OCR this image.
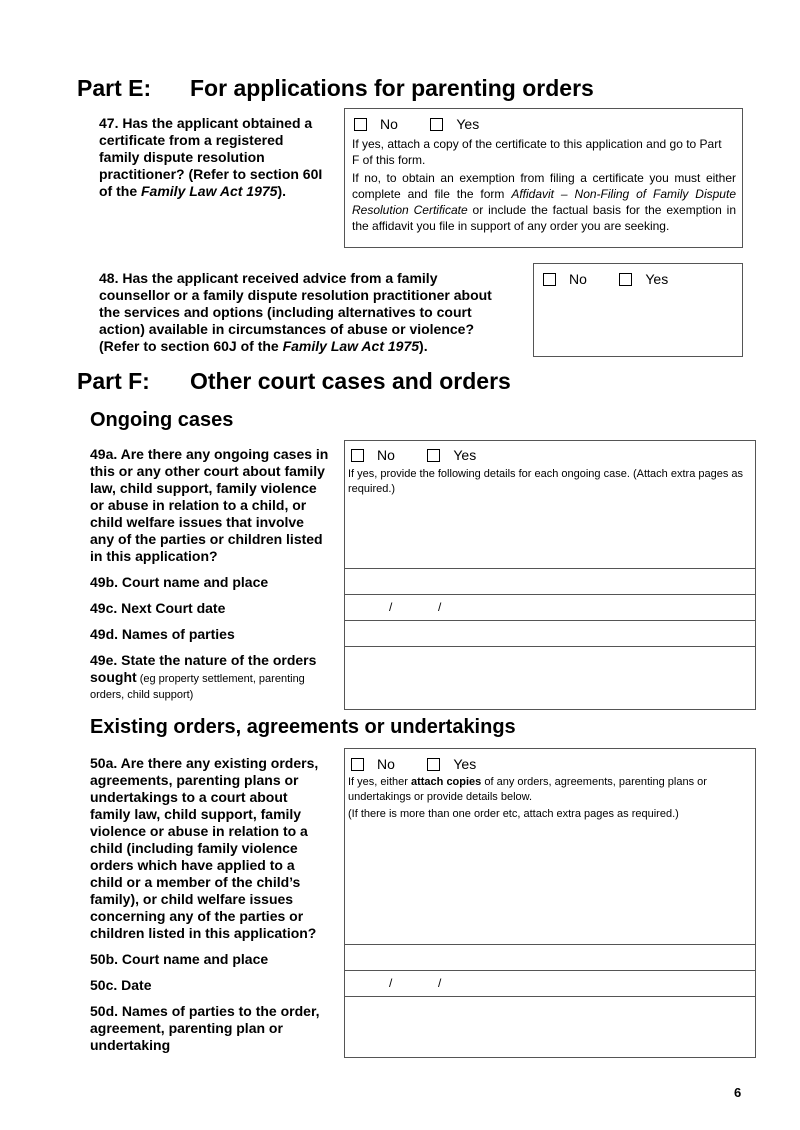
Part E: For applications for parenting orders
47. Has the applicant obtained a
certificate from a registered
family dispute resolution
practitioner? (Refer to section 60I
of the Family Law Act 1975).
No
	Yes
If yes, attach a copy of the certificate to this application and go to Part F of this form.
If no, to obtain an exemption from filing a certificate you must either complete and file the form Affidavit – Non-Filing of Family Dispute Resolution Certificate or include the factual basis for the exemption in the affidavit you file in support of any order you are seeking.
48. Has the applicant received advice from a family
counsellor or a family dispute resolution practitioner about
the services and options (including alternatives to court
action) available in circumstances of abuse or violence?
(Refer to section 60J of the Family Law Act 1975).
No
	Yes
Part F: Other court cases and orders
Ongoing cases
49a. Are there any ongoing cases in
this or any other court about family
law, child support, family violence
or abuse in relation to a child, or
child welfare issues that involve
any of the parties or children listed
in this application?
No
	Yes
If yes, provide the following details for each ongoing case. (Attach extra pages as required.)
49b. Court name and place
49c. Next Court date	/	/
49d. Names of parties
49e. State the nature of the orders
sought (eg property settlement, parenting
orders, child support)
Existing orders, agreements or undertakings
50a. Are there any existing orders,
agreements, parenting plans or
undertakings to a court about
family law, child support, family
violence or abuse in relation to a
child (including family violence
orders which have applied to a
child or a member of the child’s
family), or child welfare issues
concerning any of the parties or
children listed in this application?
No
	Yes
If yes, either attach copies of any orders, agreements, parenting plans or undertakings or provide details below.
(If there is more than one order etc, attach extra pages as required.)
50b. Court name and place
50c. Date	/	/
50d. Names of parties to the order,
agreement, parenting plan or
undertaking
6
